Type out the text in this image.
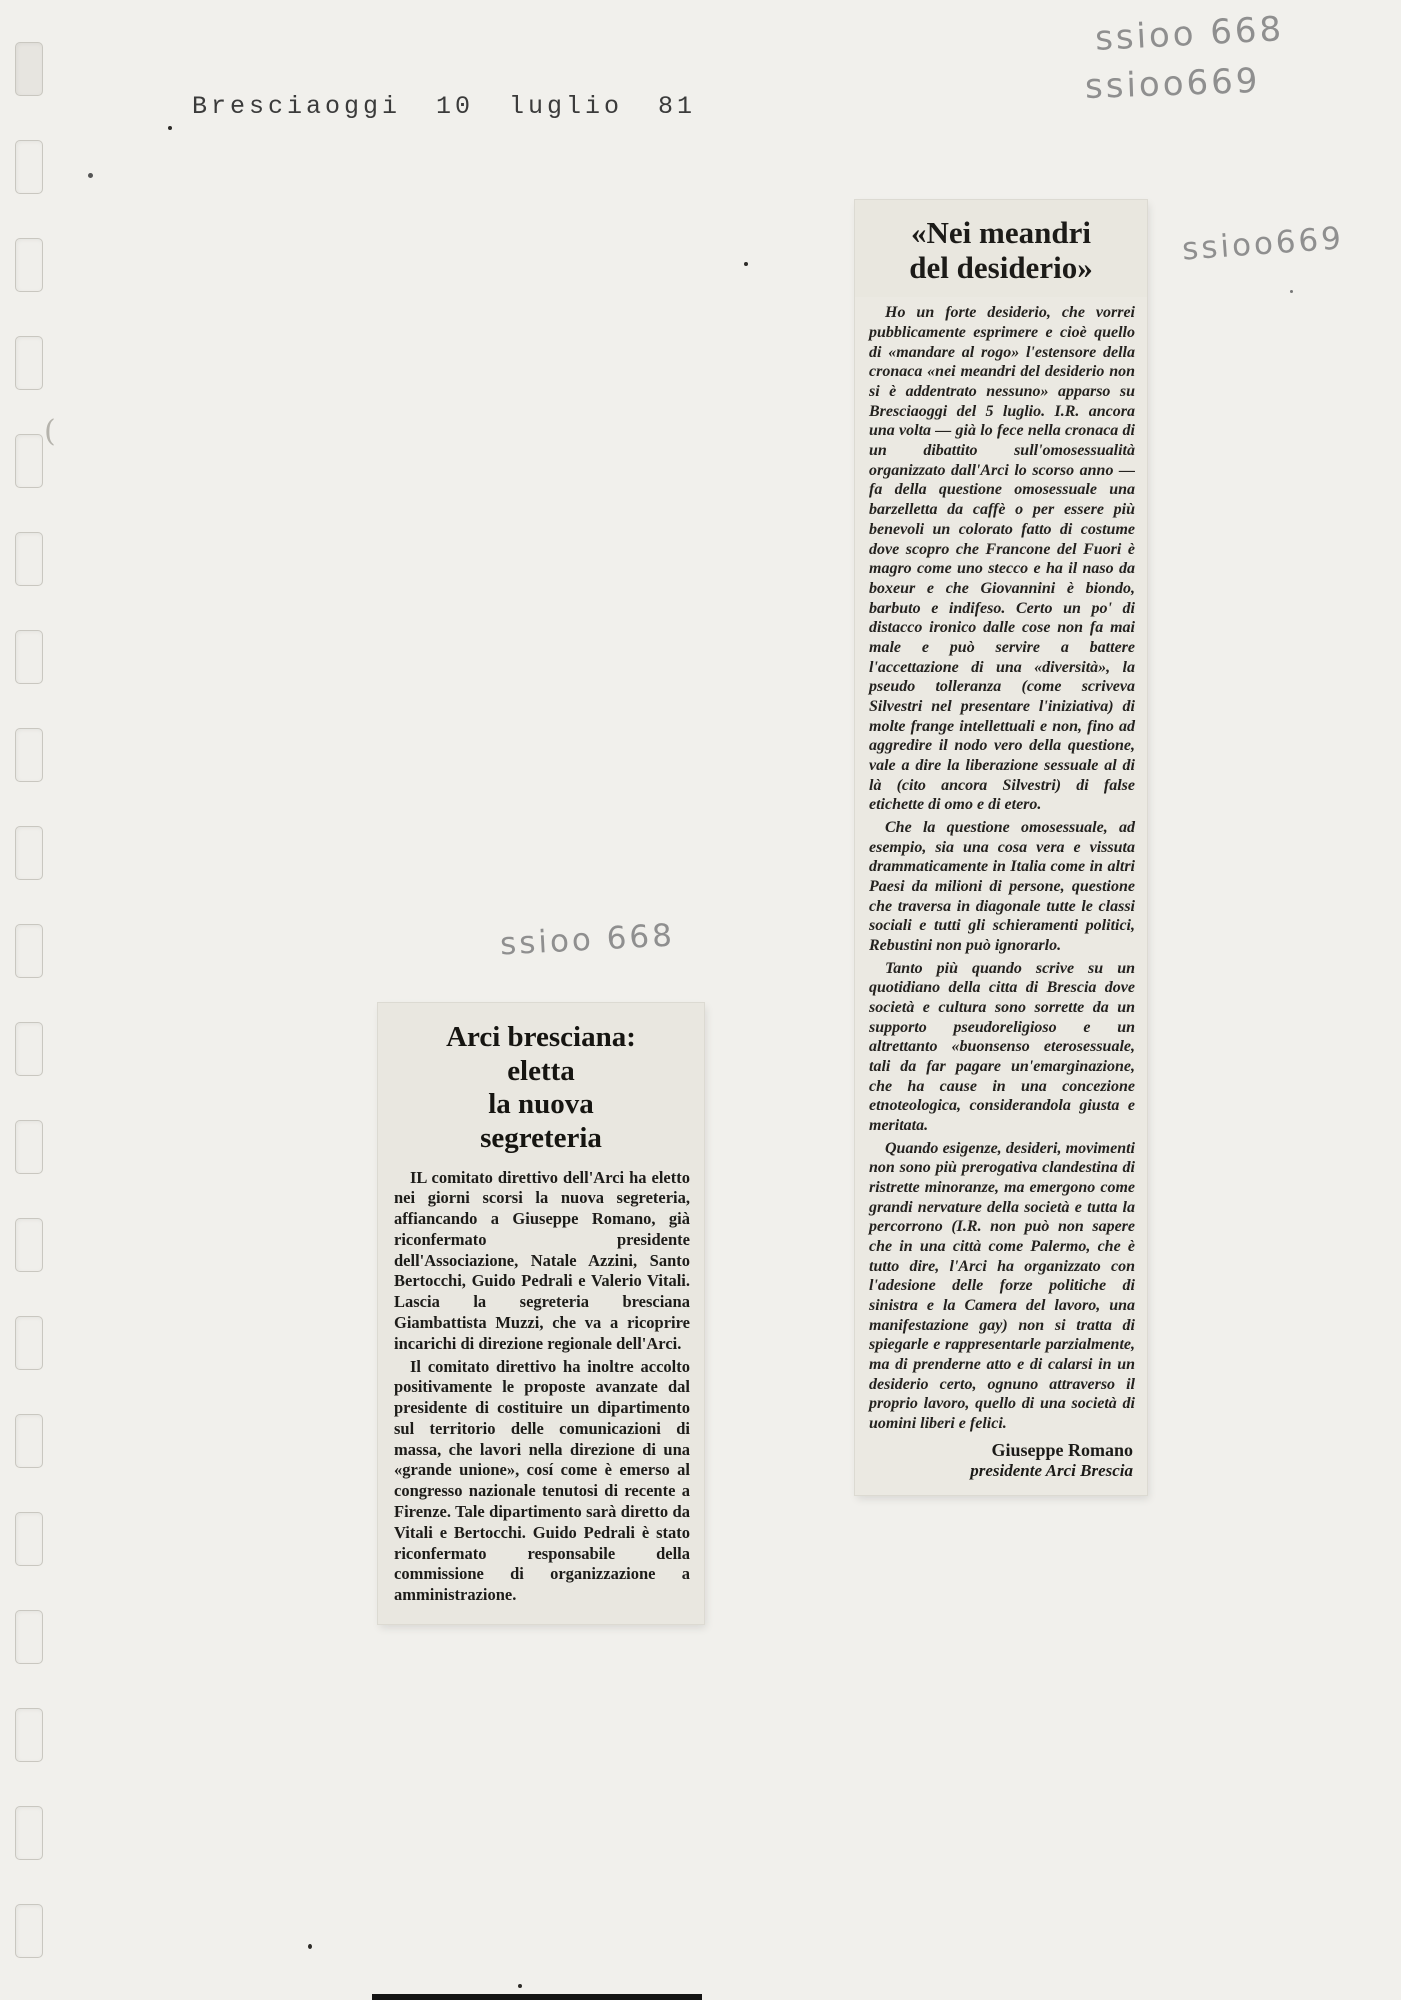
Bresciaoggi 10 luglio 81
ssioo 668
ssioo669
ssioo669
ssioo 668
(
«Nei meandri
del desiderio»

Ho un forte desiderio, che vorrei pubblicamente esprimere e cioè quello di «mandare al rogo» l'estensore della cronaca «nei meandri del desiderio non si è addentrato nessuno» apparso su Bresciaoggi del 5 luglio. I.R. ancora una volta — già lo fece nella cronaca di un dibattito sull'omosessualità organizzato dall'Arci lo scorso anno — fa della questione omosessuale una barzelletta da caffè o per essere più benevoli un colorato fatto di costume dove scopro che Francone del Fuori è magro come uno stecco e ha il naso da boxeur e che Giovannini è biondo, barbuto e indifeso. Certo un po' di distacco ironico dalle cose non fa mai male e può servire a battere l'accettazione di una «diversità», la pseudo tolleranza (come scriveva Silvestri nel presentare l'iniziativa) di molte frange intellettuali e non, fino ad aggredire il nodo vero della questione, vale a dire la liberazione sessuale al di là (cito ancora Silvestri) di false etichette di omo e di etero.

Che la questione omosessuale, ad esempio, sia una cosa vera e vissuta drammaticamente in Italia come in altri Paesi da milioni di persone, questione che traversa in diagonale tutte le classi sociali e tutti gli schieramenti politici, Rebustini non può ignorarlo.

Tanto più quando scrive su un quotidiano della citta di Brescia dove società e cultura sono sorrette da un supporto pseudoreligioso e un altrettanto «buonsenso eterosessuale, tali da far pagare un'emarginazione, che ha cause in una concezione etnoteologica, considerandola giusta e meritata.

Quando esigenze, desideri, movimenti non sono più prerogativa clandestina di ristrette minoranze, ma emergono come grandi nervature della società e tutta la percorrono (I.R. non può non sapere che in una città come Palermo, che è tutto dire, l'Arci ha organizzato con l'adesione delle forze politiche di sinistra e la Camera del lavoro, una manifestazione gay) non si tratta di spiegarle e rappresentarle parzialmente, ma di prenderne atto e di calarsi in un desiderio certo, ognuno attraverso il proprio lavoro, quello di una società di uomini liberi e felici.

Giuseppe Romano
presidente Arci Brescia
Arci bresciana:
eletta
la nuova
segreteria

IL comitato direttivo dell'Arci ha eletto nei giorni scorsi la nuova segreteria, affiancando a Giuseppe Romano, già riconfermato presidente dell'Associazione, Natale Azzini, Santo Bertocchi, Guido Pedrali e Valerio Vitali. Lascia la segreteria bresciana Giambattista Muzzi, che va a ricoprire incarichi di direzione regionale dell'Arci.

Il comitato direttivo ha inoltre accolto positivamente le proposte avanzate dal presidente di costituire un dipartimento sul territorio delle comunicazioni di massa, che lavori nella direzione di una «grande unione», cosí come è emerso al congresso nazionale tenutosi di recente a Firenze. Tale dipartimento sarà diretto da Vitali e Bertocchi. Guido Pedrali è stato riconfermato responsabile della commissione di organizzazione a amministrazione.
